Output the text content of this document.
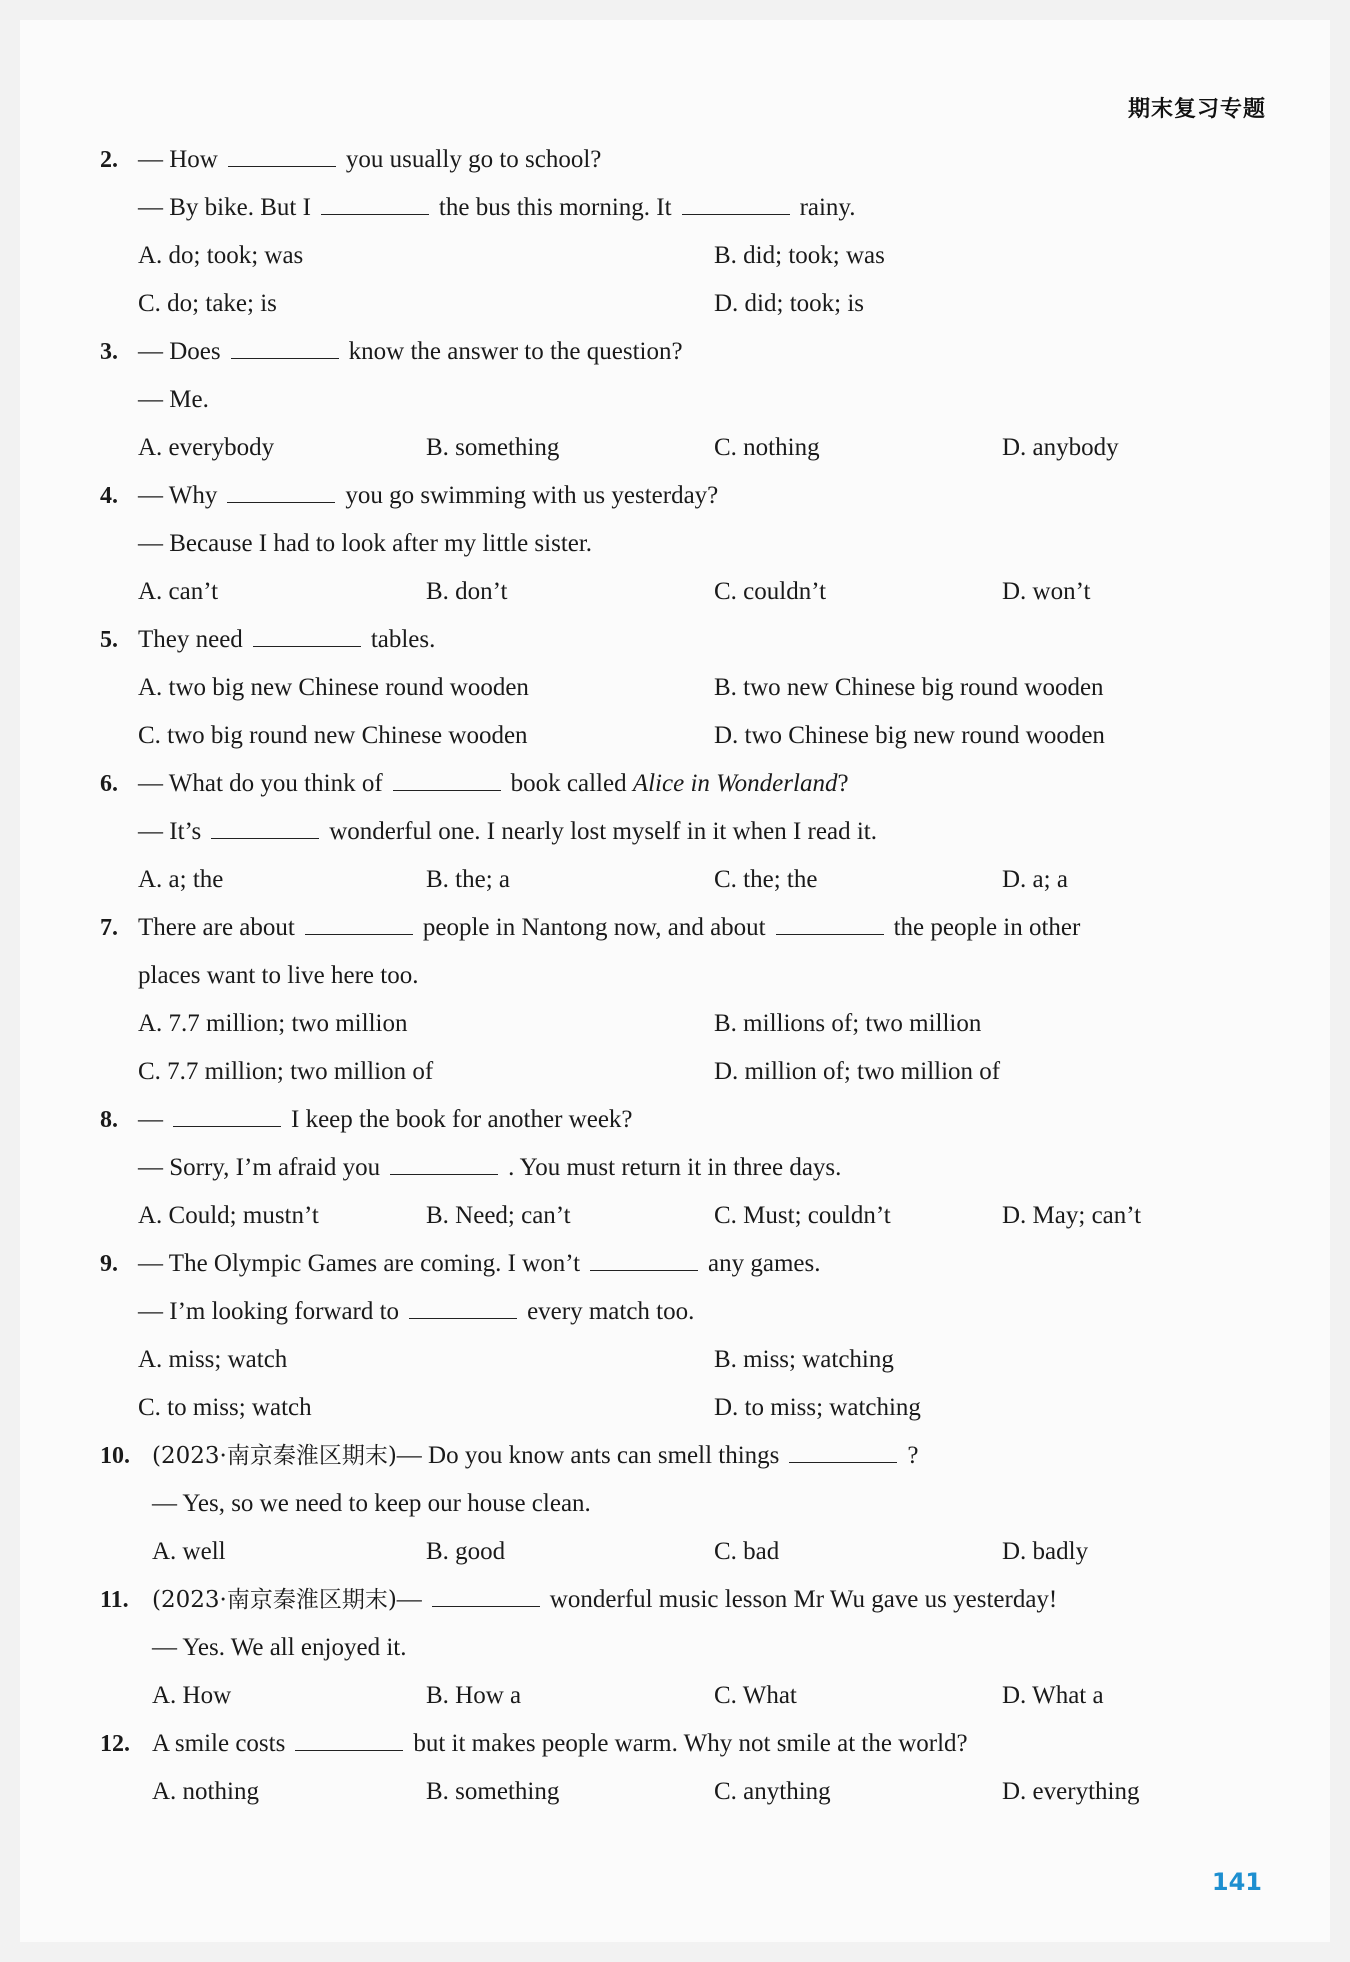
期末复习专题
2. — How	you usually go to school?
— By bike. But I	the bus this morning. It	rainy.
A. do; took; was	B. did; took; was
C. do; take; is	D. did; took; is
3. — Does	know the answer to the question?
— Me.
A. everybody	B. something	C. nothing	D. anybody
4. — Why	you go swimming with us yesterday?
— Because I had to look after my little sister.
A. can’t	B. don’t	C. couldn’t	D. won’t
5. They need	tables.
A. two big new Chinese round wooden	B. two new Chinese big round wooden
C. two big round new Chinese wooden	D. two Chinese big new round wooden
6. — What do you think of	book called Alice in Wonderland?
— It’s	wonderful one. I nearly lost myself in it when I read it.
A. a; the	B. the; a	C. the; the	D. a; a
7. There are about	people in Nantong now, and about	the people in other
places want to live here too.
A. 7.7 million; two million	B. millions of; two million
C. 7.7 million; two million of	D. million of; two million of
8. —	I keep the book for another week?
— Sorry, I’m afraid you	. You must return it in three days.
A. Could; mustn’t	B. Need; can’t	C. Must; couldn’t	D. May; can’t
9. — The Olympic Games are coming. I won’t	any games.
— I’m looking forward to	every match too.
A. miss; watch	B. miss; watching
C. to miss; watch	D. to miss; watching
10. (2023·南京秦淮区期末)— Do you know ants can smell things	?
— Yes, so we need to keep our house clean.
A. well	B. good	C. bad	D. badly
11. (2023·南京秦淮区期末)—	wonderful music lesson Mr Wu gave us yesterday!
— Yes. We all enjoyed it.
A. How	B. How a	C. What	D. What a
12. A smile costs	but it makes people warm. Why not smile at the world?
A. nothing	B. something	C. anything	D. everything
141
